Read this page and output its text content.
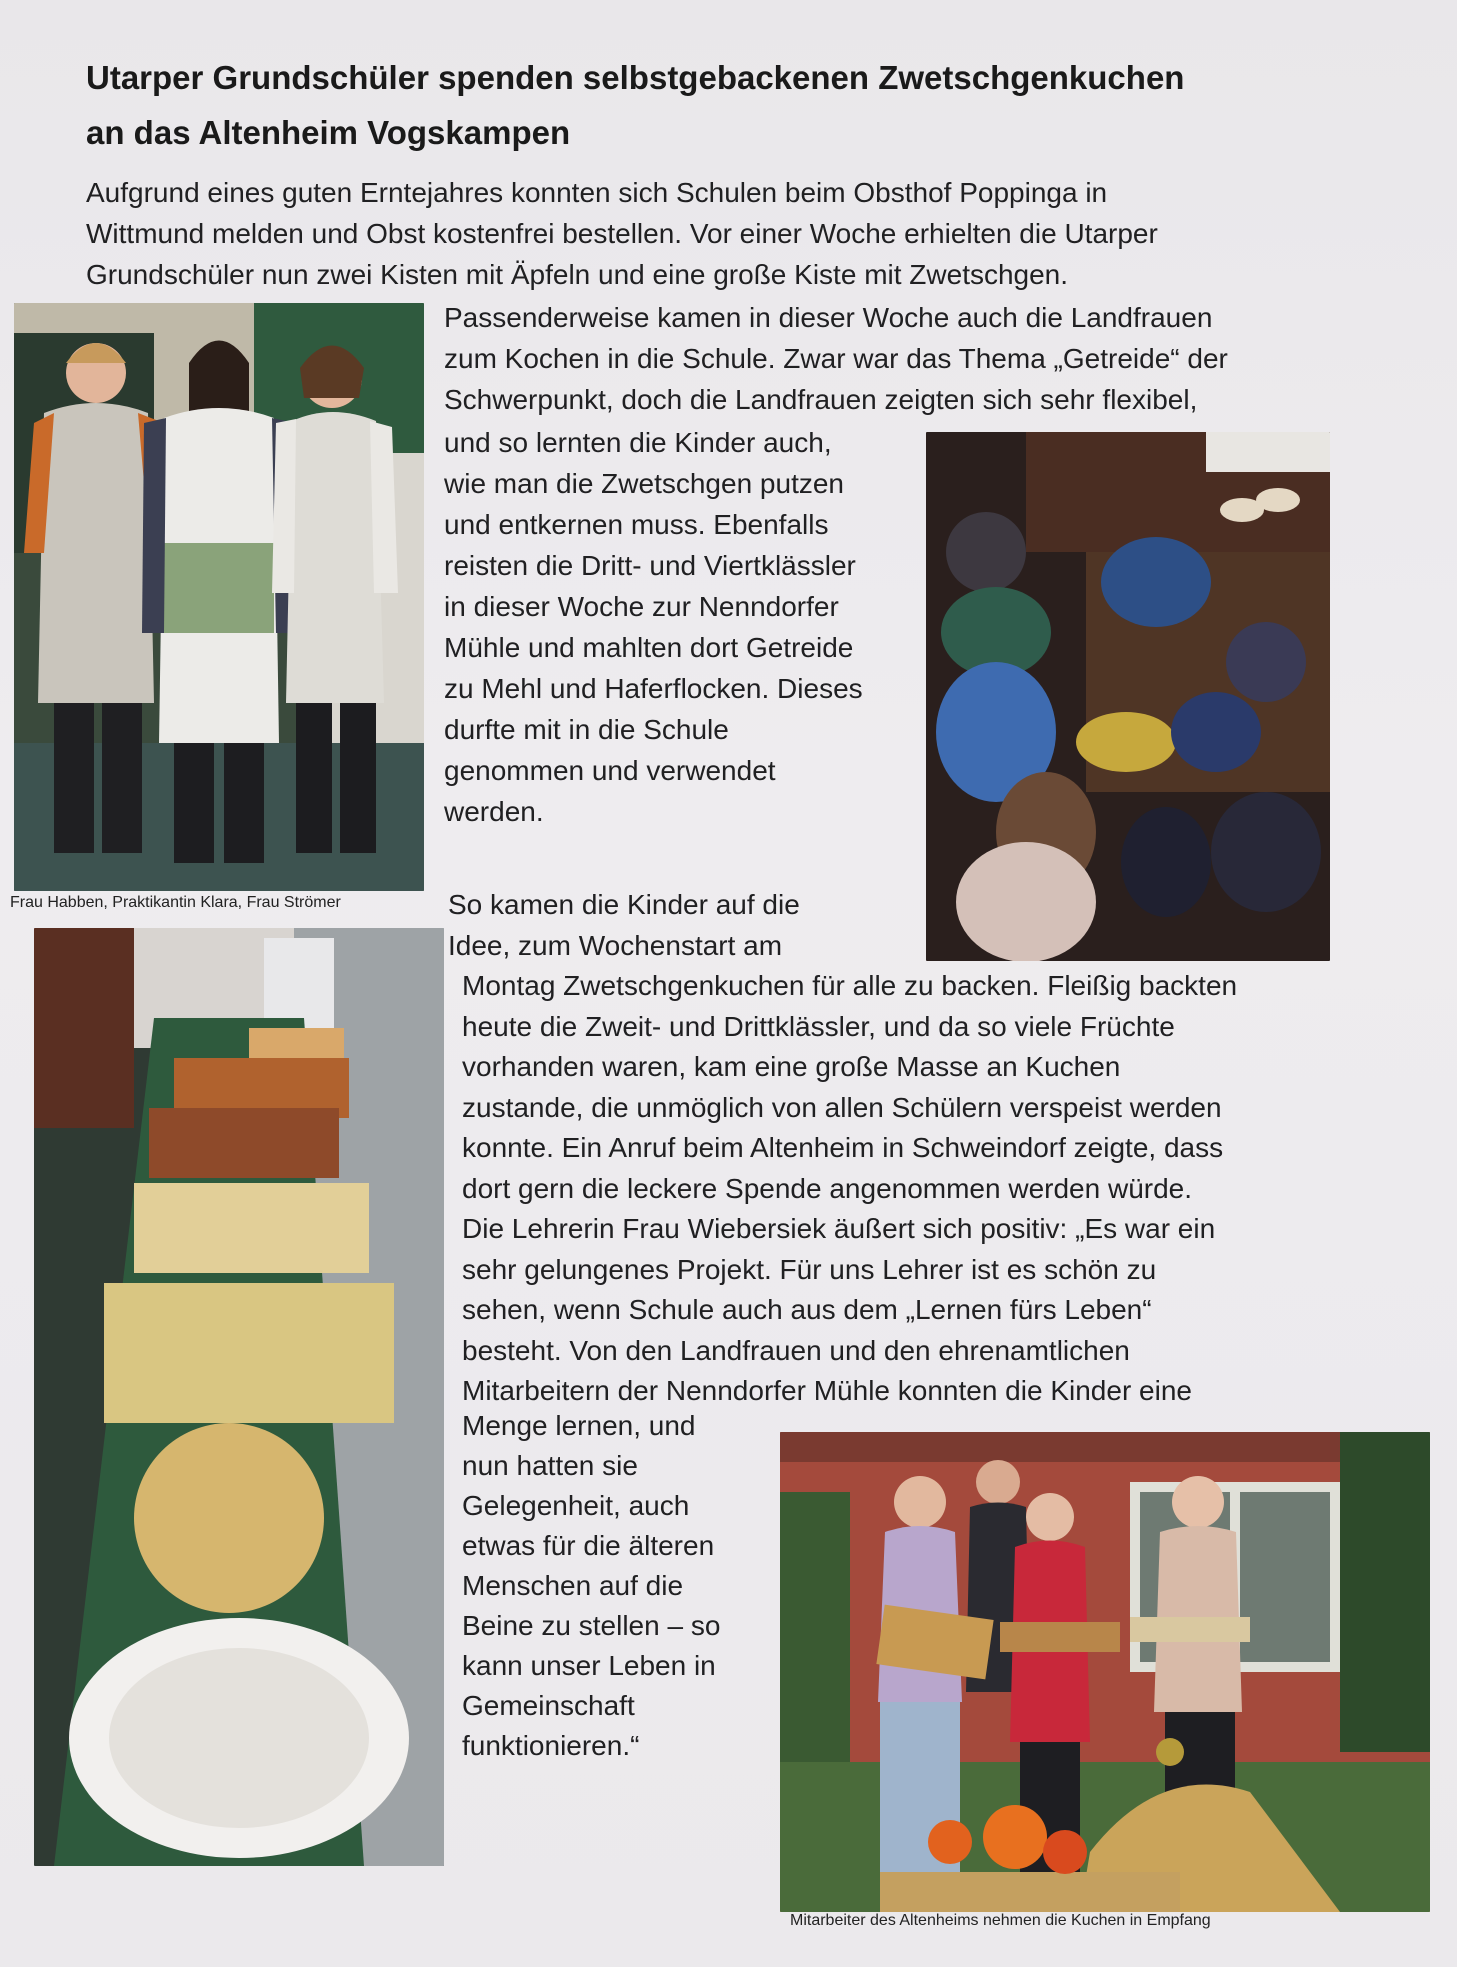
Utarper Grundschüler spenden selbstgebackenen Zwetschgenkuchen
an das Altenheim Vogskampen
Aufgrund eines guten Erntejahres konnten sich Schulen beim Obsthof Poppinga in
Wittmund melden und Obst kostenfrei bestellen. Vor einer Woche erhielten die Utarper
Grundschüler nun zwei Kisten mit Äpfeln und eine große Kiste mit Zwetschgen.
Passenderweise kamen in dieser Woche auch die Landfrauen
zum Kochen in die Schule. Zwar war das Thema „Getreide“ der
Schwerpunkt, doch die Landfrauen zeigten sich sehr flexibel,
und so lernten die Kinder auch,
wie man die Zwetschgen putzen
und entkernen muss. Ebenfalls
reisten die Dritt- und Viertklässler
in dieser Woche zur Nenndorfer
Mühle und mahlten dort Getreide
zu Mehl und Haferflocken. Dieses
durfte mit in die Schule
genommen und verwendet
werden.
So kamen die Kinder auf die
Idee, zum Wochenstart am
Montag Zwetschgenkuchen für alle zu backen. Fleißig backten
heute die Zweit- und Drittklässler, und da so viele Früchte
vorhanden waren, kam eine große Masse an Kuchen
zustande, die unmöglich von allen Schülern verspeist werden
konnte. Ein Anruf beim Altenheim in Schweindorf zeigte, dass
dort gern die leckere Spende angenommen werden würde.
Die Lehrerin Frau Wiebersiek äußert sich positiv: „Es war ein
sehr gelungenes Projekt. Für uns Lehrer ist es schön zu
sehen, wenn Schule auch aus dem „Lernen fürs Leben“
besteht. Von den Landfrauen und den ehrenamtlichen
Mitarbeitern der Nenndorfer Mühle konnten die Kinder eine
Menge lernen, und
nun hatten sie
Gelegenheit, auch
etwas für die älteren
Menschen auf die
Beine zu stellen – so
kann unser Leben in
Gemeinschaft
funktionieren.“
Frau Habben, Praktikantin Klara, Frau Strömer
Mitarbeiter des Altenheims nehmen die Kuchen in Empfang
